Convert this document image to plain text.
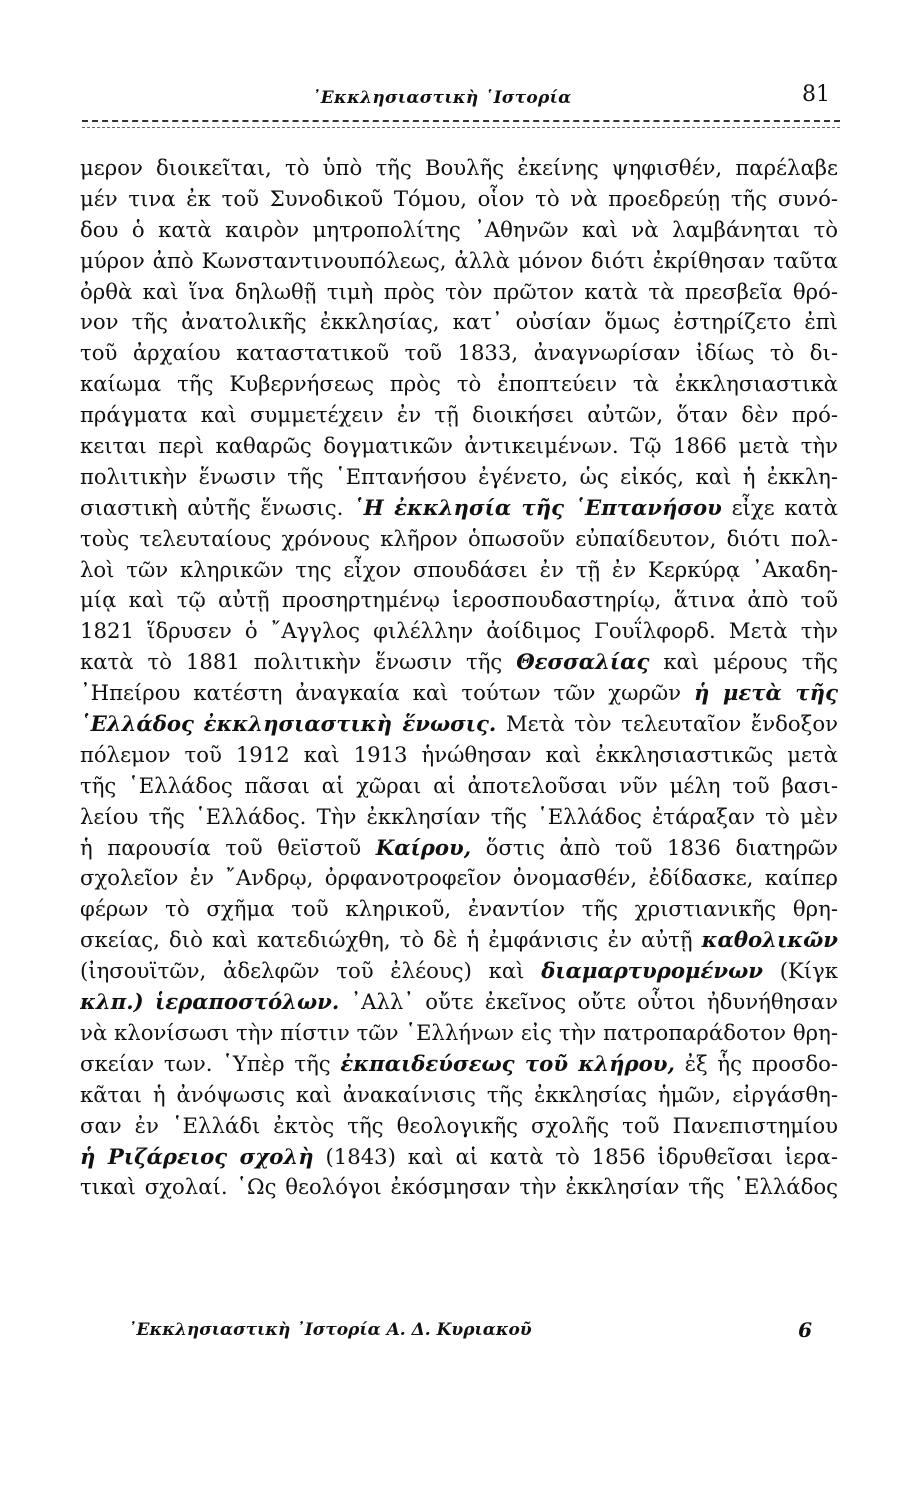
᾿Εκκλησιαστικὴ ῾Ιστορία	81
μερον διοικεῖται, τὸ ὑπὸ τῆς Βουλῆς ἐκείνης ψηφισθέν, παρέλαβε
μέν τινα ἐκ τοῦ Συνοδικοῦ Τόμου, οἷον τὸ νὰ προεδρεύῃ τῆς συνό-
δου ὁ κατὰ καιρὸν μητροπολίτης ᾿Αθηνῶν καὶ νὰ λαμβάνηται τὸ
μύρον ἀπὸ Κωνσταντινουπόλεως, ἀλλὰ μόνον διότι ἐκρίθησαν ταῦτα
ὀρθὰ καὶ ἵνα δηλωθῇ τιμὴ πρὸς τὸν πρῶτον κατὰ τὰ πρεσβεῖα θρό-
νον τῆς ἀνατολικῆς ἐκκλησίας, κατ᾿ οὐσίαν ὅμως ἐστηρίζετο ἐπὶ
τοῦ ἀρχαίου καταστατικοῦ τοῦ 1833, ἀναγνωρίσαν ἰδίως τὸ δι-
καίωμα τῆς Κυβερνήσεως πρὸς τὸ ἐποπτεύειν τὰ ἐκκλησιαστικὰ
πράγματα καὶ συμμετέχειν ἐν τῇ διοικήσει αὐτῶν, ὅταν δὲν πρό-
κειται περὶ καθαρῶς δογματικῶν ἀντικειμένων. Τῷ 1866 μετὰ τὴν
πολιτικὴν ἕνωσιν τῆς ῾Επτανήσου ἐγένετο, ὡς εἰκός, καὶ ἡ ἐκκλη-
σιαστικὴ αὐτῆς ἕνωσις. ῾Η ἐκκλησία τῆς ῾Επτανήσου εἶχε κατὰ
τοὺς τελευταίους χρόνους κλῆρον ὁπωσοῦν εὐπαίδευτον, διότι πολ-
λοὶ τῶν κληρικῶν της εἶχον σπουδάσει ἐν τῇ ἐν Κερκύρᾳ ᾿Ακαδη-
μίᾳ καὶ τῷ αὐτῇ προσηρτημένῳ ἱεροσπουδαστηρίῳ, ἅτινα ἀπὸ τοῦ
1821 ἵδρυσεν ὁ ῎Αγγλος φιλέλλην ἀοίδιμος Γουΐλφορδ. Μετὰ τὴν
κατὰ τὸ 1881 πολιτικὴν ἕνωσιν τῆς Θεσσαλίας καὶ μέρους τῆς
᾿Ηπείρου κατέστη ἀναγκαία καὶ τούτων τῶν χωρῶν ἡ μετὰ τῆς
῾Ελλάδος ἐκκλησιαστικὴ ἕνωσις. Μετὰ τὸν τελευταῖον ἔνδοξον
πόλεμον τοῦ 1912 καὶ 1913 ἡνώθησαν καὶ ἐκκλησιαστικῶς μετὰ
τῆς ῾Ελλάδος πᾶσαι αἱ χῶραι αἱ ἀποτελοῦσαι νῦν μέλη τοῦ βασι-
λείου τῆς ῾Ελλάδος. Τὴν ἐκκλησίαν τῆς ῾Ελλάδος ἐτάραξαν τὸ μὲν
ἡ παρουσία τοῦ θεϊστοῦ Καίρου, ὅστις ἀπὸ τοῦ 1836 διατηρῶν
σχολεῖον ἐν ῎Ανδρῳ, ὀρφανοτροφεῖον ὀνομασθέν, ἐδίδασκε, καίπερ
φέρων τὸ σχῆμα τοῦ κληρικοῦ, ἐναντίον τῆς χριστιανικῆς θρη-
σκείας, διὸ καὶ κατεδιώχθη, τὸ δὲ ἡ ἐμφάνισις ἐν αὐτῇ καθολικῶν
(ἰησουϊτῶν, ἀδελφῶν τοῦ ἐλέους) καὶ διαμαρτυρομένων (Κίγκ
κλπ.) ἱεραποστόλων. ᾿Αλλ᾿ οὔτε ἐκεῖνος οὔτε οὗτοι ἠδυνήθησαν
νὰ κλονίσωσι τὴν πίστιν τῶν ῾Ελλήνων εἰς τὴν πατροπαράδοτον θρη-
σκείαν των. ῾Υπὲρ τῆς ἐκπαιδεύσεως τοῦ κλήρου, ἐξ ἧς προσδο-
κᾶται ἡ ἀνόψωσις καὶ ἀνακαίνισις τῆς ἐκκλησίας ἡμῶν, εἰργάσθη-
σαν ἐν ῾Ελλάδι ἐκτὸς τῆς θεολογικῆς σχολῆς τοῦ Πανεπιστημίου
ἡ Ριζάρειος σχολὴ (1843) καὶ αἱ κατὰ τὸ 1856 ἱδρυθεῖσαι ἱερα-
τικαὶ σχολαί. ῾Ως θεολόγοι ἐκόσμησαν τὴν ἐκκλησίαν τῆς ῾Ελλάδος
᾿Εκκλησιαστικὴ ᾿Ιστορία Α. Δ. Κυριακοῦ	6
